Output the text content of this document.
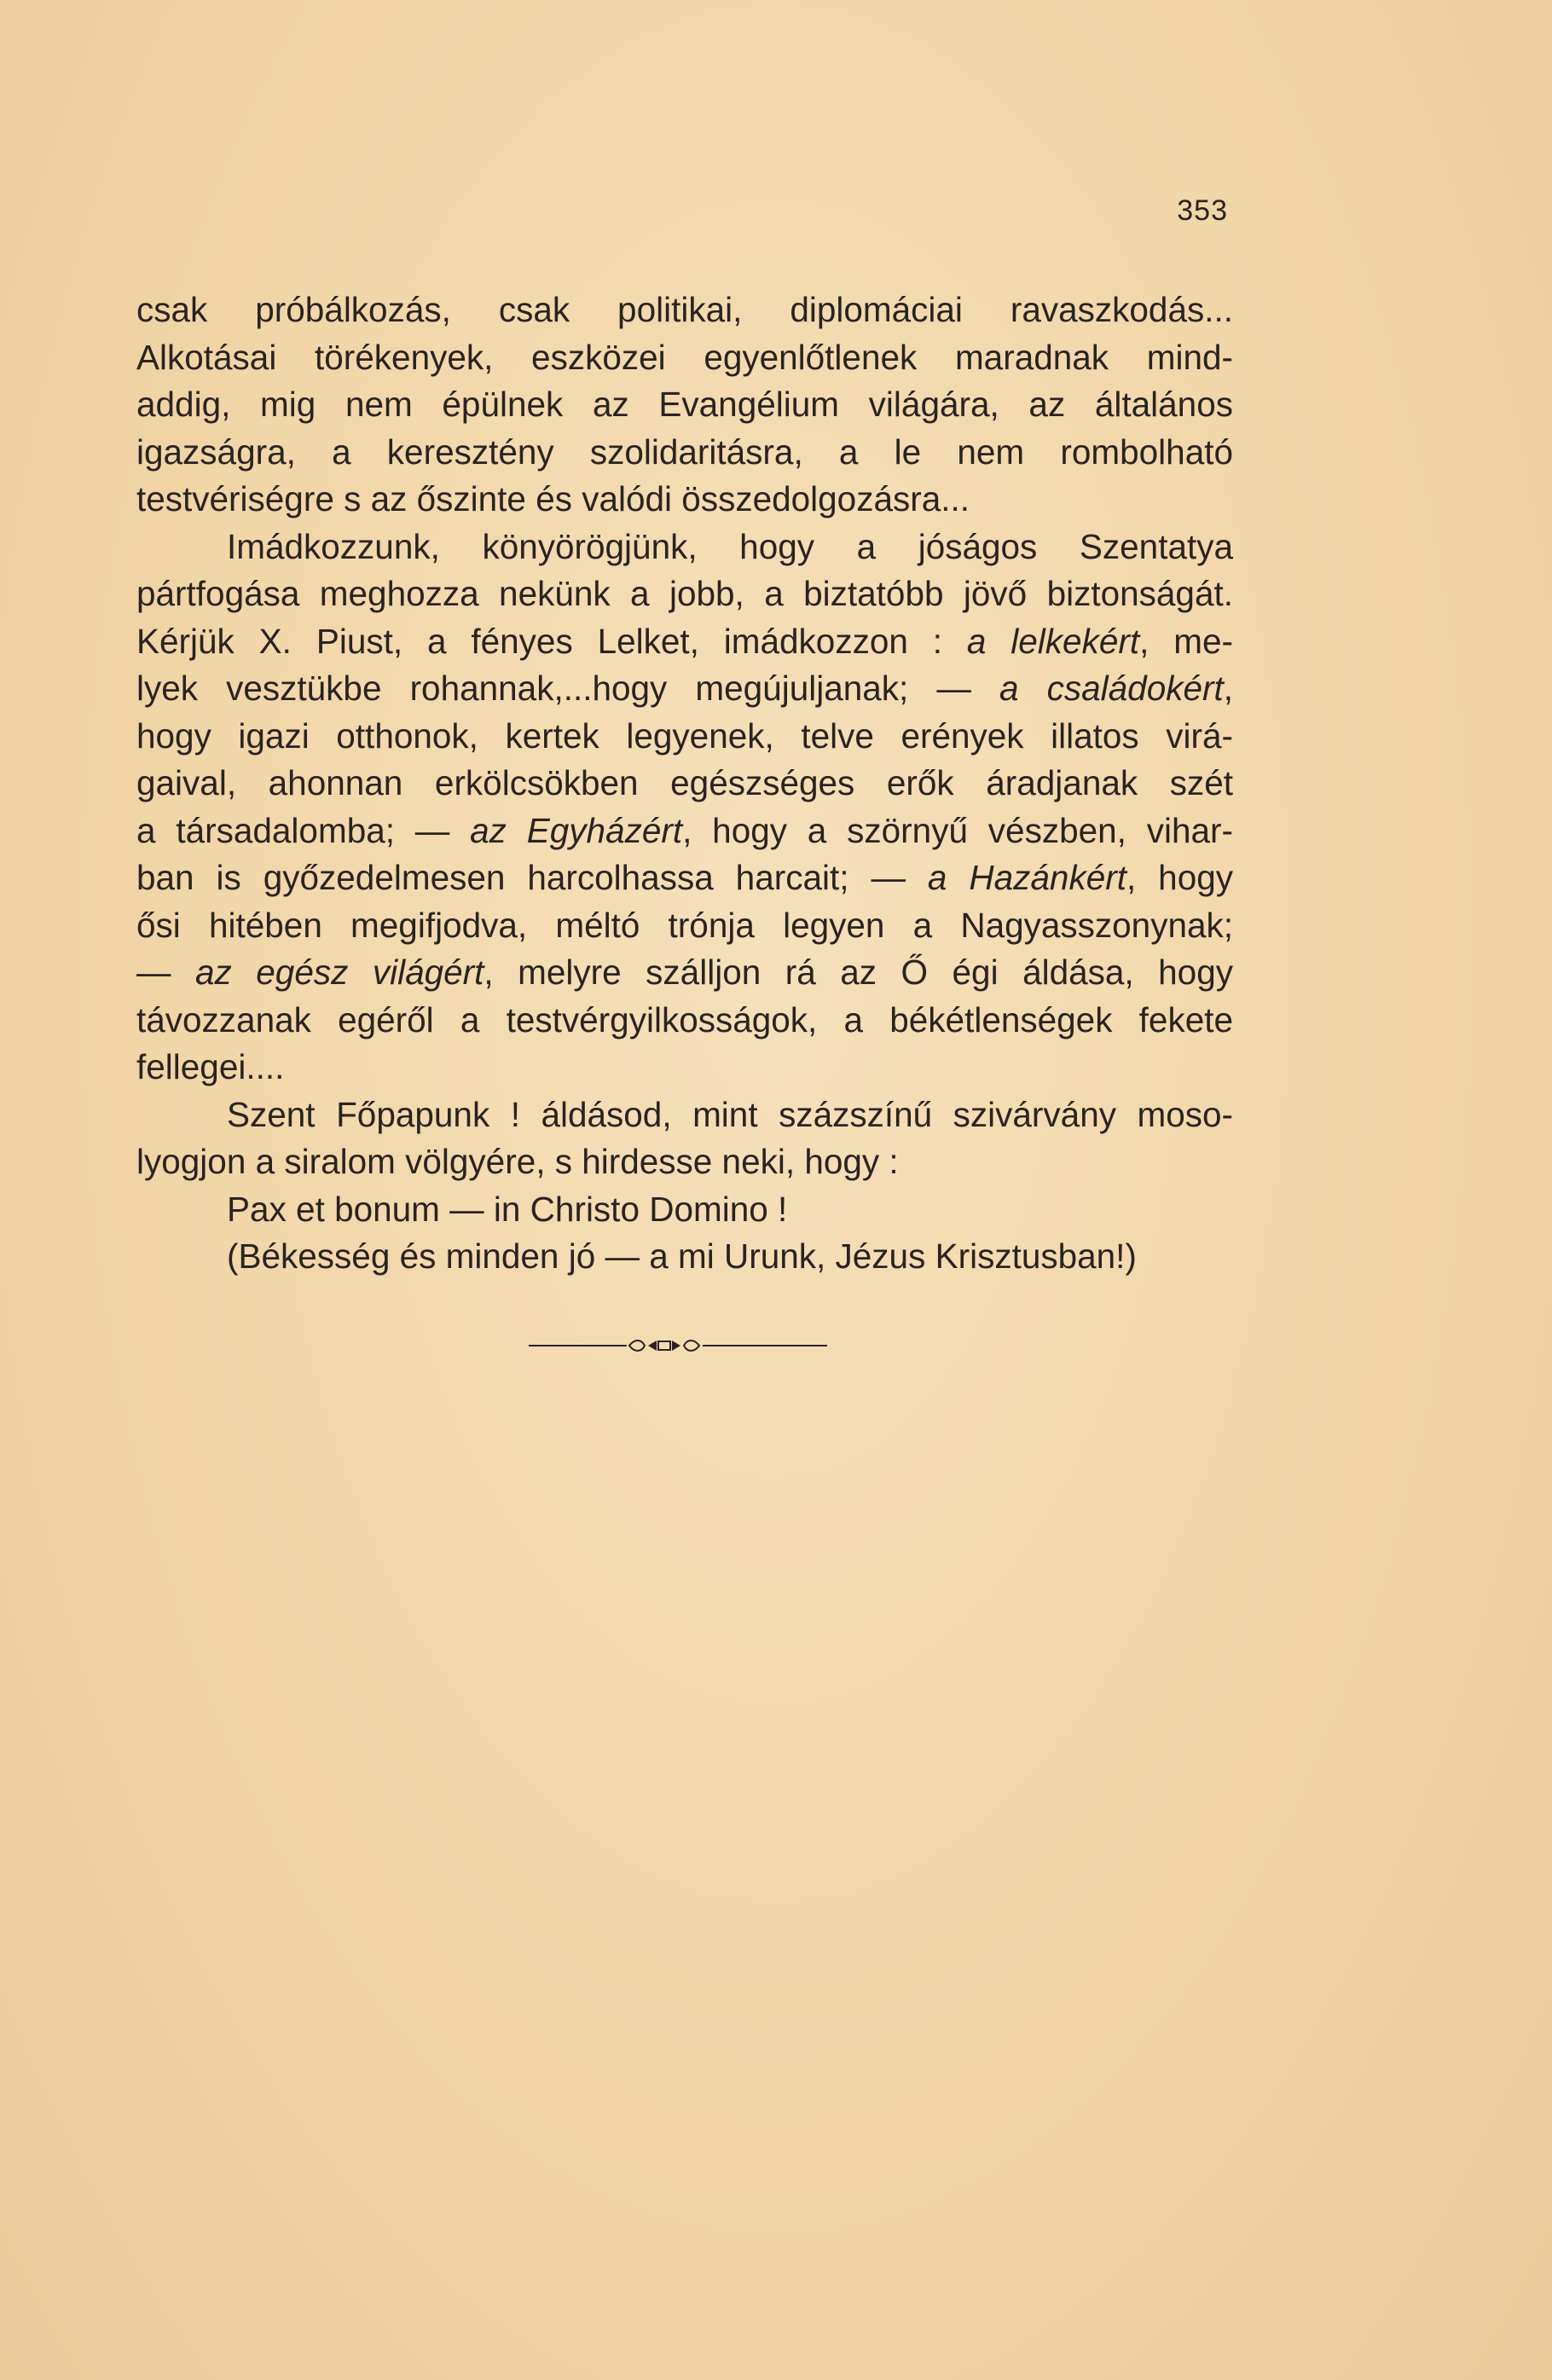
353
csak próbálkozás, csak politikai, diplomáciai ravaszkodás...
Alkotásai törékenyek, eszközei egyenlőtlenek maradnak mind-
addig, mig nem épülnek az Evangélium világára, az általános
igazságra, a keresztény szolidaritásra, a le nem rombolható
testvériségre s az őszinte és valódi összedolgozásra...
Imádkozzunk, könyörögjünk, hogy a jóságos Szentatya
pártfogása meghozza nekünk a jobb, a biztatóbb jövő biztonságát.
Kérjük X. Piust, a fényes Lelket, imádkozzon : a lelkekért, me-
lyek vesztükbe rohannak,...hogy megújuljanak; — a családokért,
hogy igazi otthonok, kertek legyenek, telve erények illatos virá-
gaival, ahonnan erkölcsökben egészséges erők áradjanak szét
a társadalomba; — az Egyházért, hogy a szörnyű vészben, vihar-
ban is győzedelmesen harcolhassa harcait; — a Hazánkért, hogy
ősi hitében megifjodva, méltó trónja legyen a Nagyasszonynak;
— az egész világért, melyre szálljon rá az Ő égi áldása, hogy
távozzanak egéről a testvérgyilkosságok, a békétlenségek fekete
fellegei....
Szent Főpapunk ! áldásod, mint százszínű szivárvány moso-
lyogjon a siralom völgyére, s hirdesse neki, hogy :
Pax et bonum — in Christo Domino !
(Békesség és minden jó — a mi Urunk, Jézus Krisztusban!)
